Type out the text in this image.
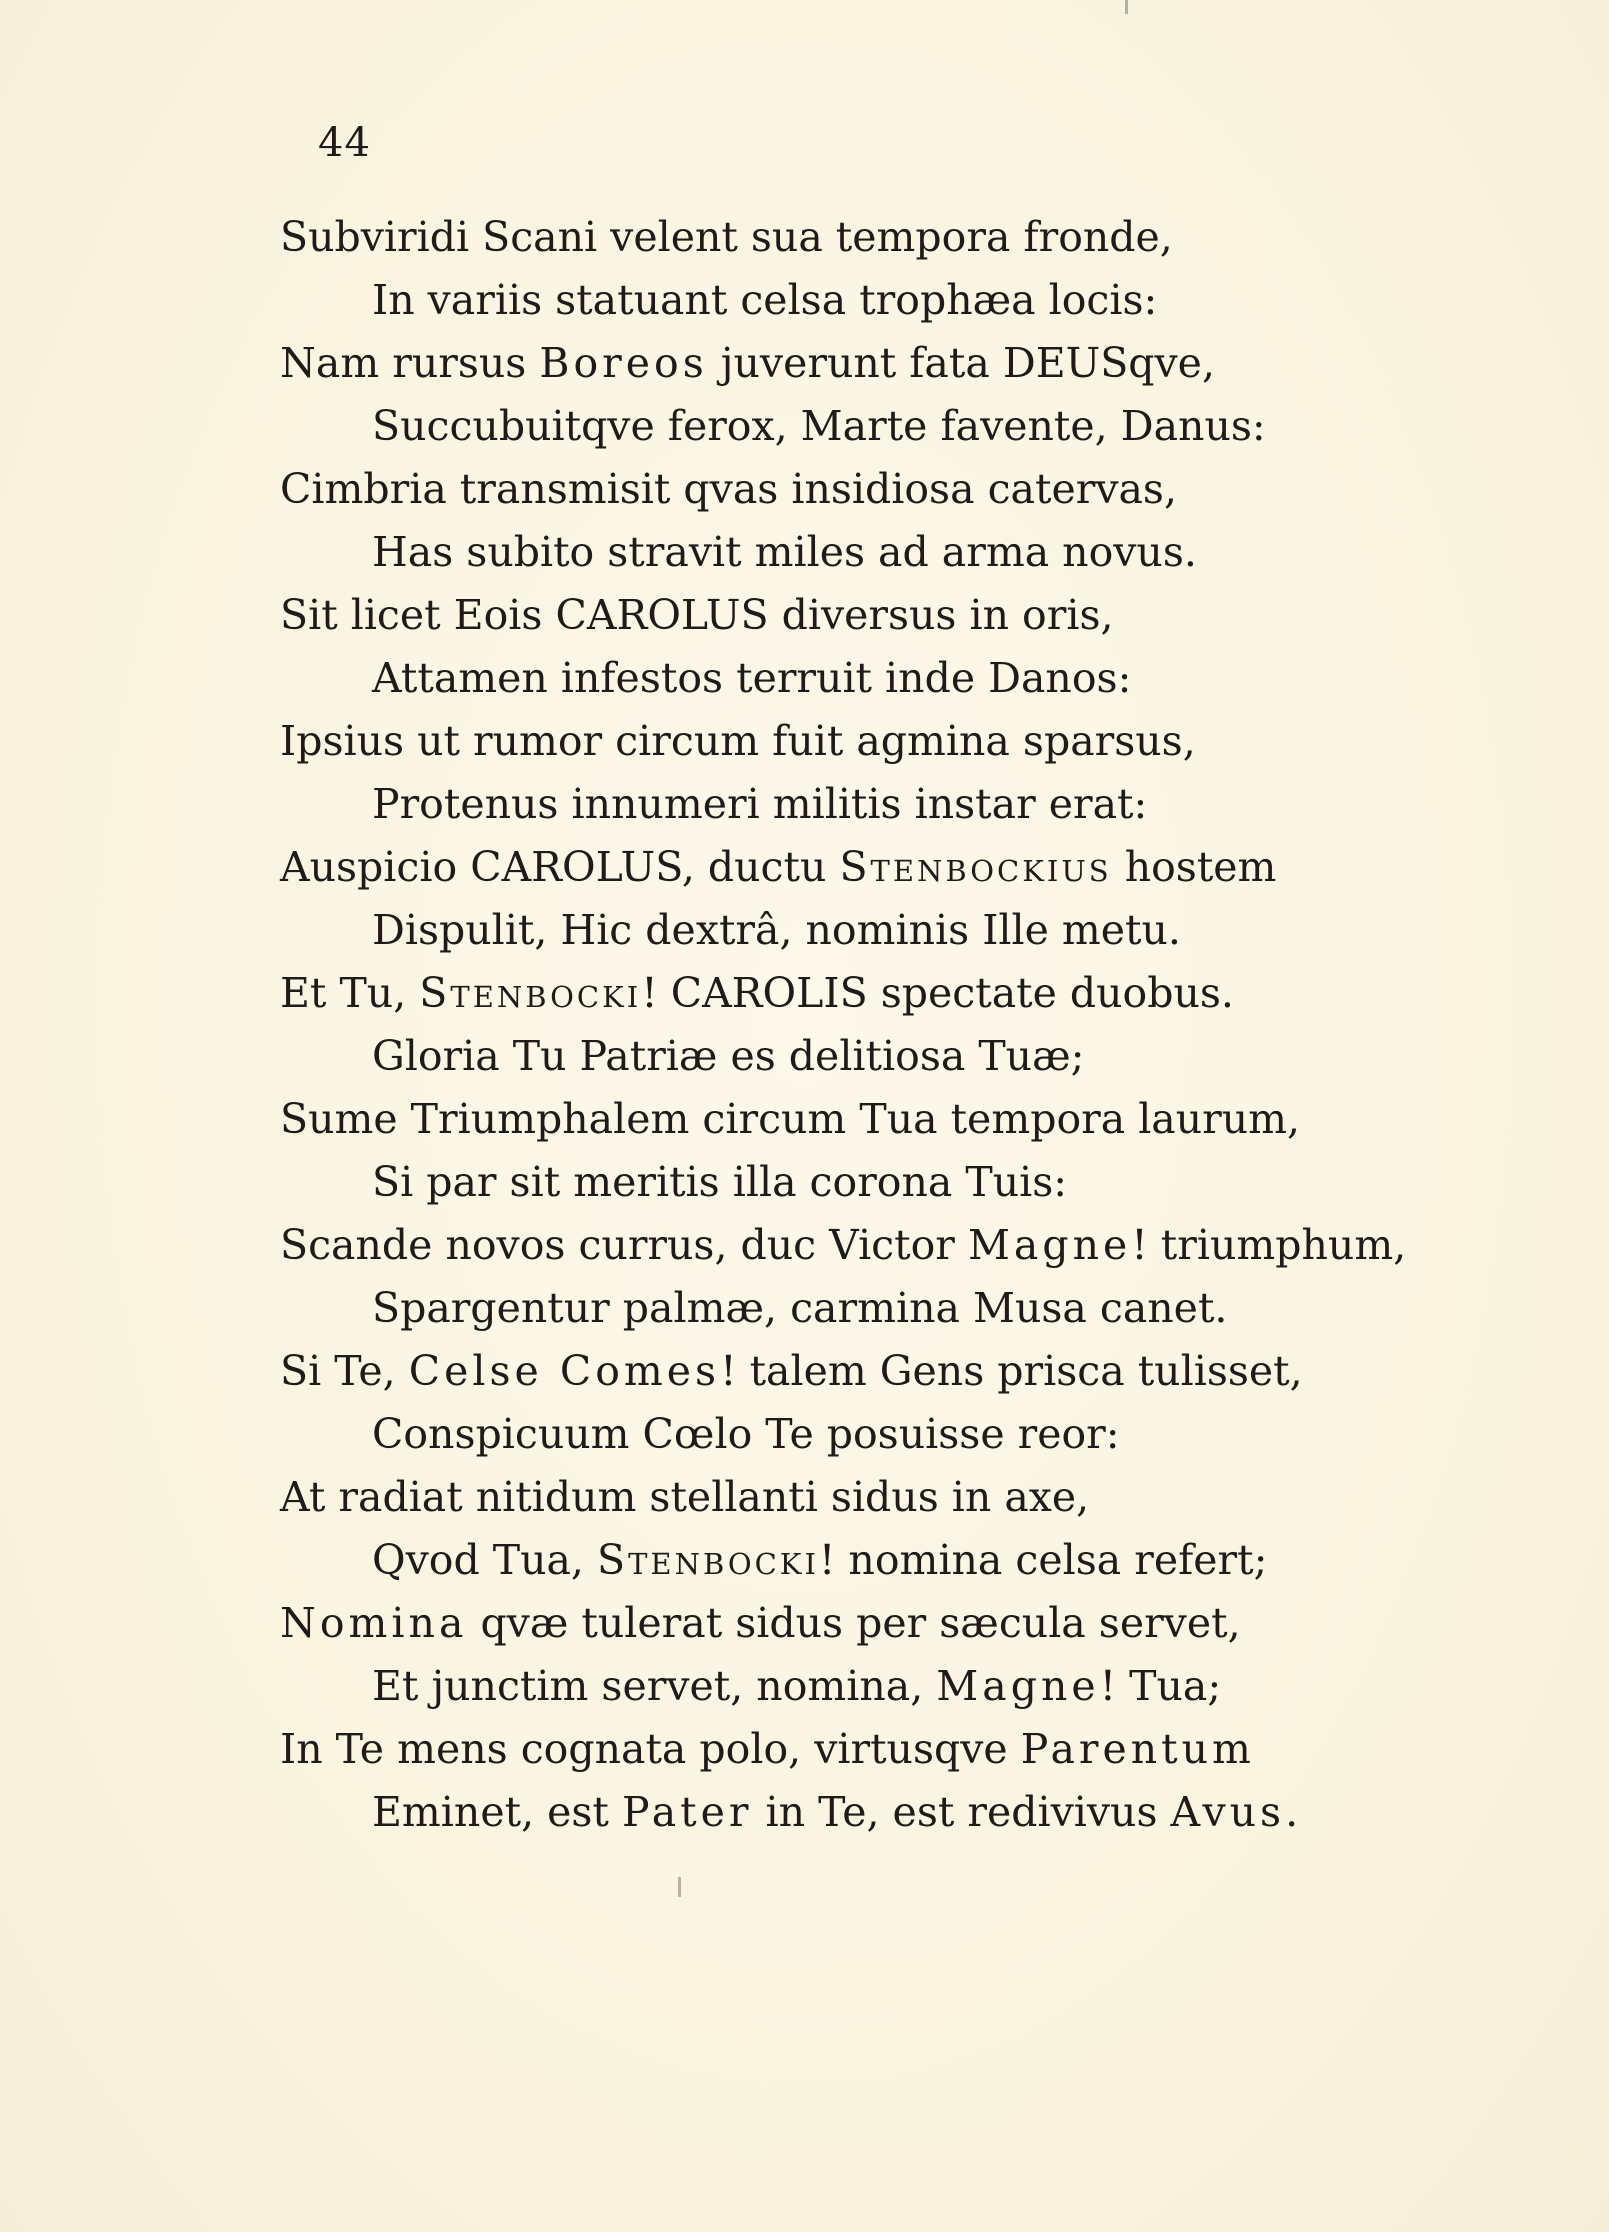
44
Subviridi Scani velent sua tempora fronde,
In variis statuant celsa trophæa locis:
Nam rursus Boreos juverunt fata DEUSqve,
Succubuitqve ferox, Marte favente, Danus:
Cimbria transmisit qvas insidiosa catervas,
Has subito stravit miles ad arma novus.
Sit licet Eois CAROLUS diversus in oris,
Attamen infestos terruit inde Danos:
Ipsius ut rumor circum fuit agmina sparsus,
Protenus innumeri militis instar erat:
Auspicio CAROLUS, ductu Stenbockius hostem
Dispulit, Hic dextrâ, nominis Ille metu.
Et Tu, Stenbocki! CAROLIS spectate duobus.
Gloria Tu Patriæ es delitiosa Tuæ;
Sume Triumphalem circum Tua tempora laurum,
Si par sit meritis illa corona Tuis:
Scande novos currus, duc Victor Magne! triumphum,
Spargentur palmæ, carmina Musa canet.
Si Te, Celse Comes! talem Gens prisca tulisset,
Conspicuum Cœlo Te posuisse reor:
At radiat nitidum stellanti sidus in axe,
Qvod Tua, Stenbocki! nomina celsa refert;
Nomina qvæ tulerat sidus per sæcula servet,
Et junctim servet, nomina, Magne! Tua;
In Te mens cognata polo, virtusqve Parentum
Eminet, est Pater in Te, est redivivus Avus.
